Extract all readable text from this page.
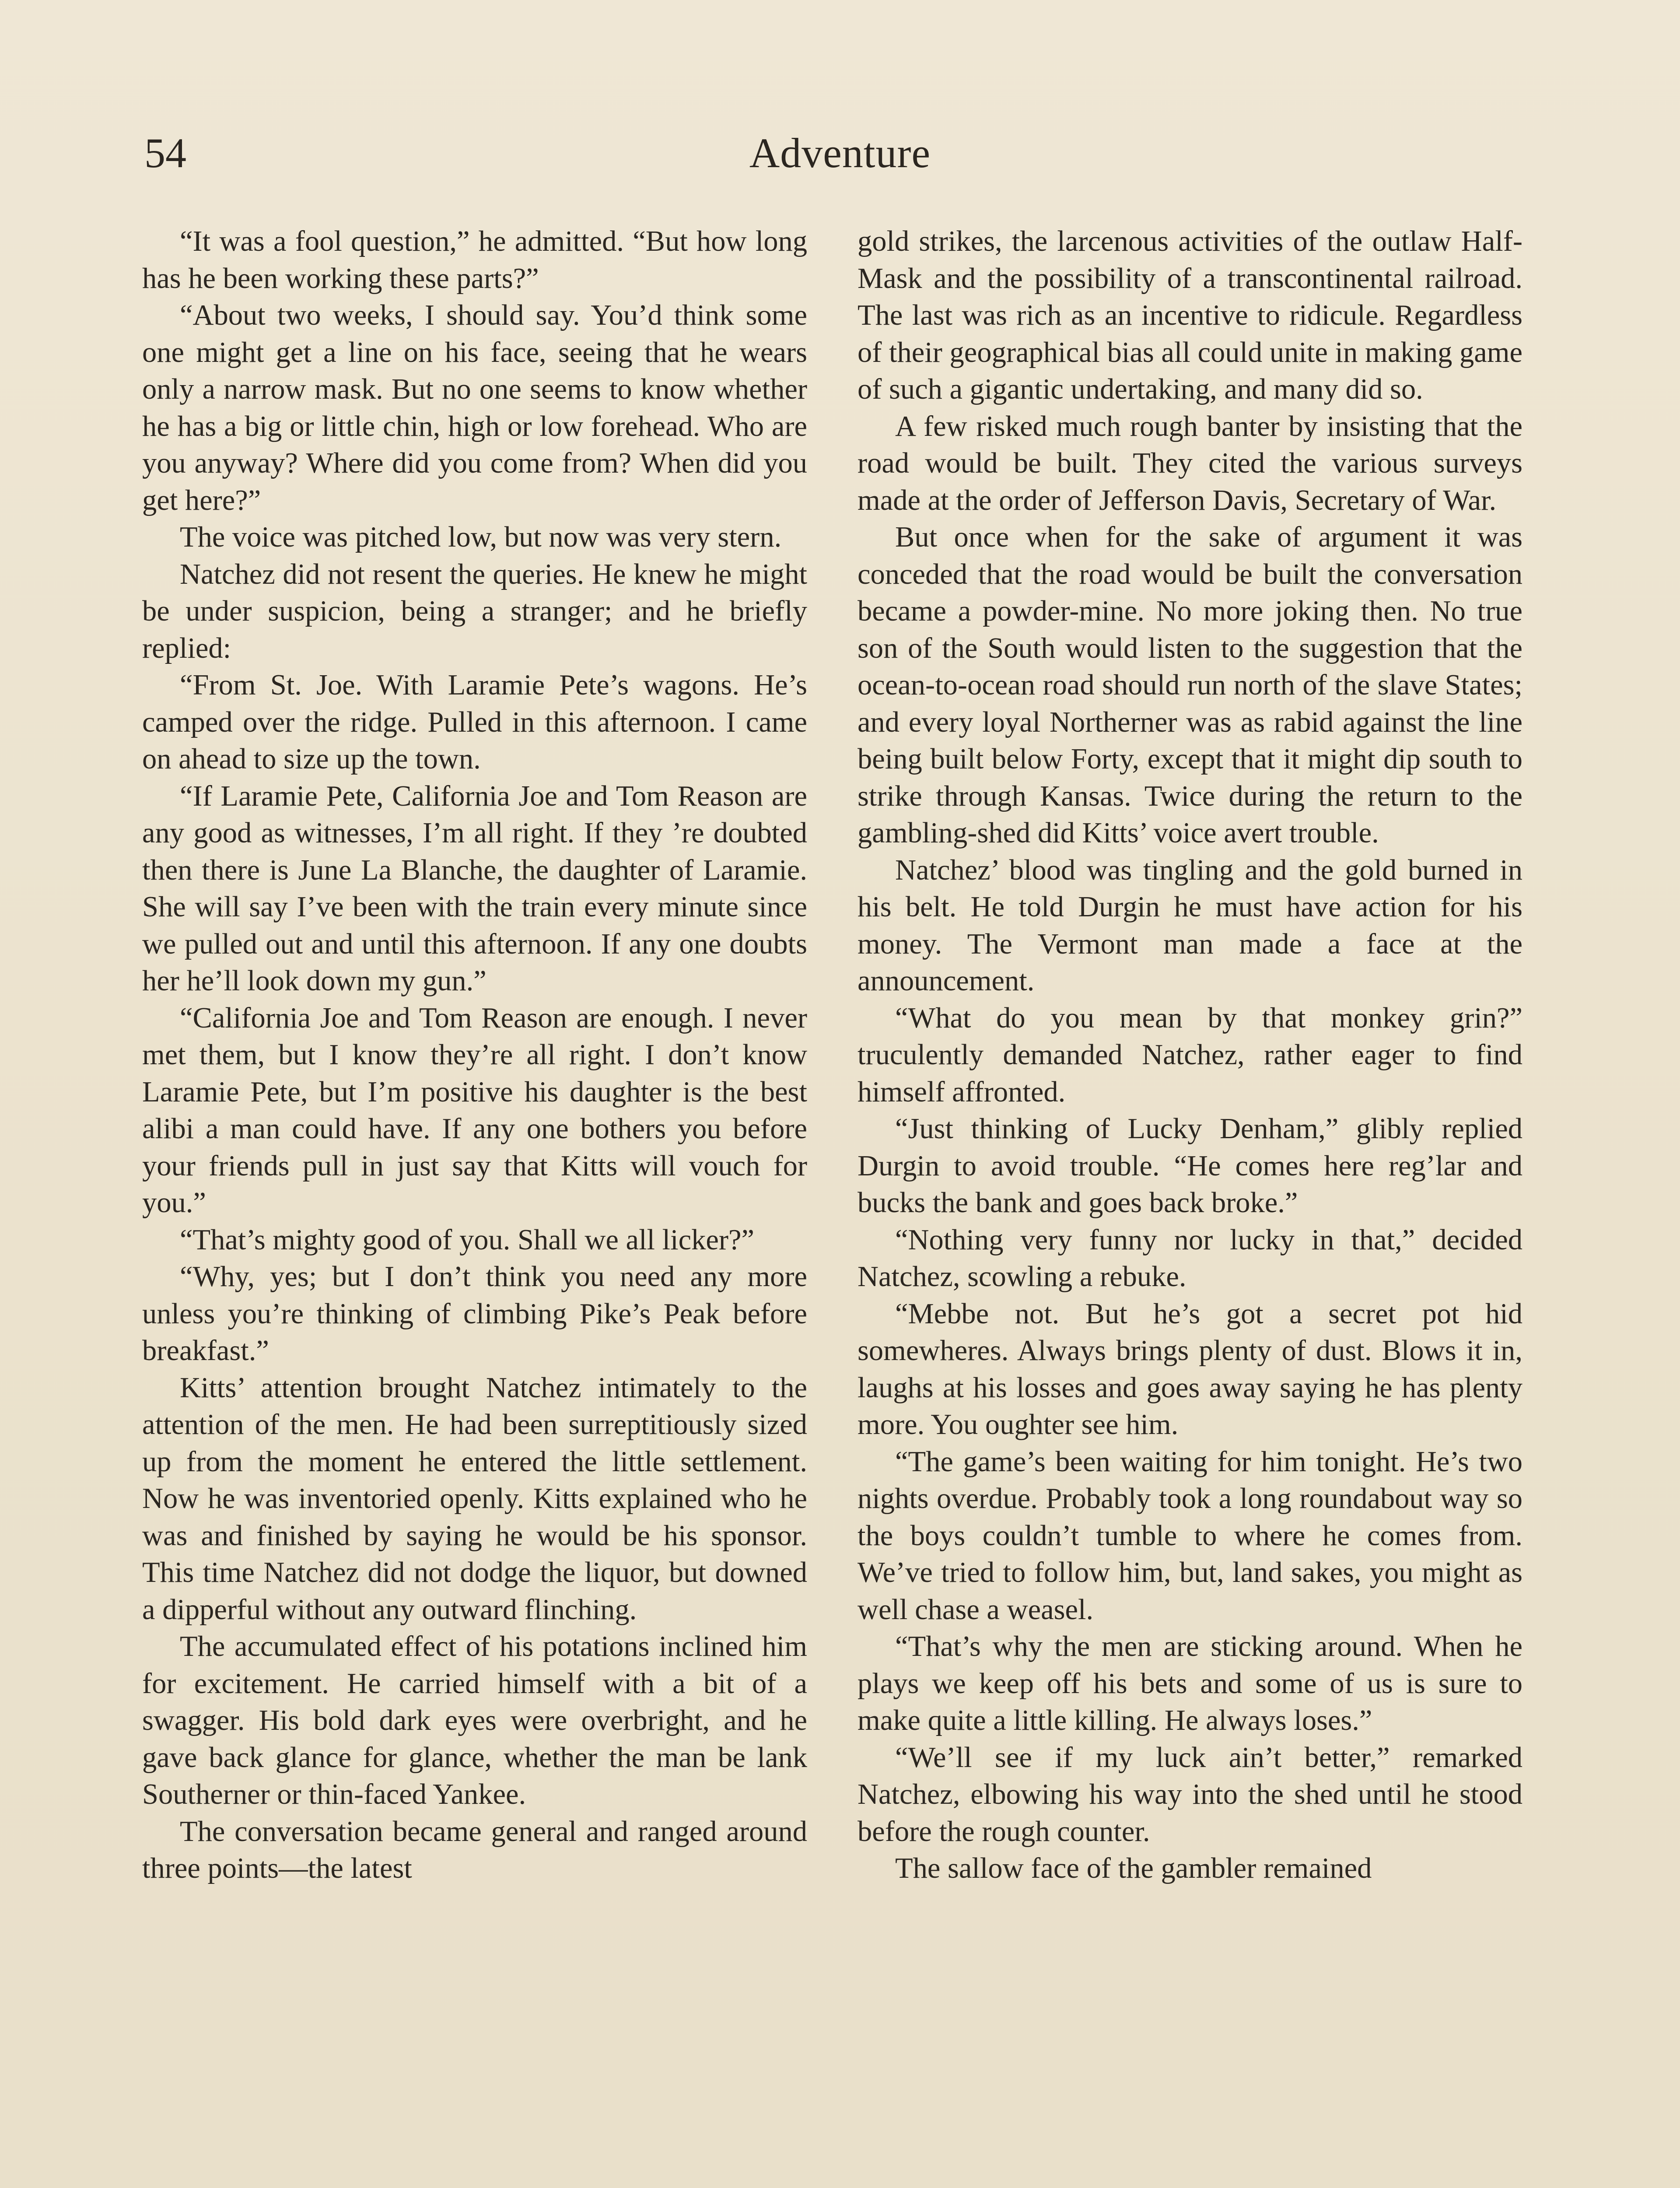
54	Adventure

“It was a fool question,” he admitted. “But how long has he been working these parts?”

“About two weeks, I should say. You’d think some one might get a line on his face, seeing that he wears only a narrow mask. But no one seems to know whether he has a big or little chin, high or low forehead. Who are you anyway? Where did you come from? When did you get here?”

The voice was pitched low, but now was very stern.

Natchez did not resent the queries. He knew he might be under suspicion, being a stranger; and he briefly replied:

“From St. Joe. With Laramie Pete’s wagons. He’s camped over the ridge. Pulled in this afternoon. I came on ahead to size up the town.

“If Laramie Pete, California Joe and Tom Reason are any good as witnesses, I’m all right. If they ’re doubted then there is June La Blanche, the daughter of Laramie. She will say I’ve been with the train every minute since we pulled out and until this afternoon. If any one doubts her he’ll look down my gun.”

“California Joe and Tom Reason are enough. I never met them, but I know they’re all right. I don’t know Laramie Pete, but I’m positive his daughter is the best alibi a man could have. If any one bothers you before your friends pull in just say that Kitts will vouch for you.”

“That’s mighty good of you. Shall we all licker?”

“Why, yes; but I don’t think you need any more unless you’re thinking of climbing Pike’s Peak before breakfast.”

Kitts’ attention brought Natchez intimately to the attention of the men. He had been surreptitiously sized up from the moment he entered the little settlement. Now he was inventoried openly. Kitts explained who he was and finished by saying he would be his sponsor. This time Natchez did not dodge the liquor, but downed a dipperful without any outward flinching.

The accumulated effect of his potations inclined him for excitement. He carried himself with a bit of a swagger. His bold dark eyes were overbright, and he gave back glance for glance, whether the man be lank Southerner or thin-faced Yankee.

The conversation became general and ranged around three points—the latest

gold strikes, the larcenous activities of the outlaw Half-Mask and the possibility of a transcontinental railroad. The last was rich as an incentive to ridicule. Regardless of their geographical bias all could unite in making game of such a gigantic undertaking, and many did so.

A few risked much rough banter by insisting that the road would be built. They cited the various surveys made at the order of Jefferson Davis, Secretary of War.

But once when for the sake of argument it was conceded that the road would be built the conversation became a powder-mine. No more joking then. No true son of the South would listen to the suggestion that the ocean-to-ocean road should run north of the slave States; and every loyal Northerner was as rabid against the line being built below Forty, except that it might dip south to strike through Kansas. Twice during the return to the gambling-shed did Kitts’ voice avert trouble.

Natchez’ blood was tingling and the gold burned in his belt. He told Durgin he must have action for his money. The Vermont man made a face at the announcement.

“What do you mean by that monkey grin?” truculently demanded Natchez, rather eager to find himself affronted.

“Just thinking of Lucky Denham,” glibly replied Durgin to avoid trouble. “He comes here reg’lar and bucks the bank and goes back broke.”

“Nothing very funny nor lucky in that,” decided Natchez, scowling a rebuke.

“Mebbe not. But he’s got a secret pot hid somewheres. Always brings plenty of dust. Blows it in, laughs at his losses and goes away saying he has plenty more. You oughter see him.

“The game’s been waiting for him tonight. He’s two nights overdue. Probably took a long roundabout way so the boys couldn’t tumble to where he comes from. We’ve tried to follow him, but, land sakes, you might as well chase a weasel.

“That’s why the men are sticking around. When he plays we keep off his bets and some of us is sure to make quite a little killing. He always loses.”

“We’ll see if my luck ain’t better,” remarked Natchez, elbowing his way into the shed until he stood before the rough counter.

The sallow face of the gambler remained
